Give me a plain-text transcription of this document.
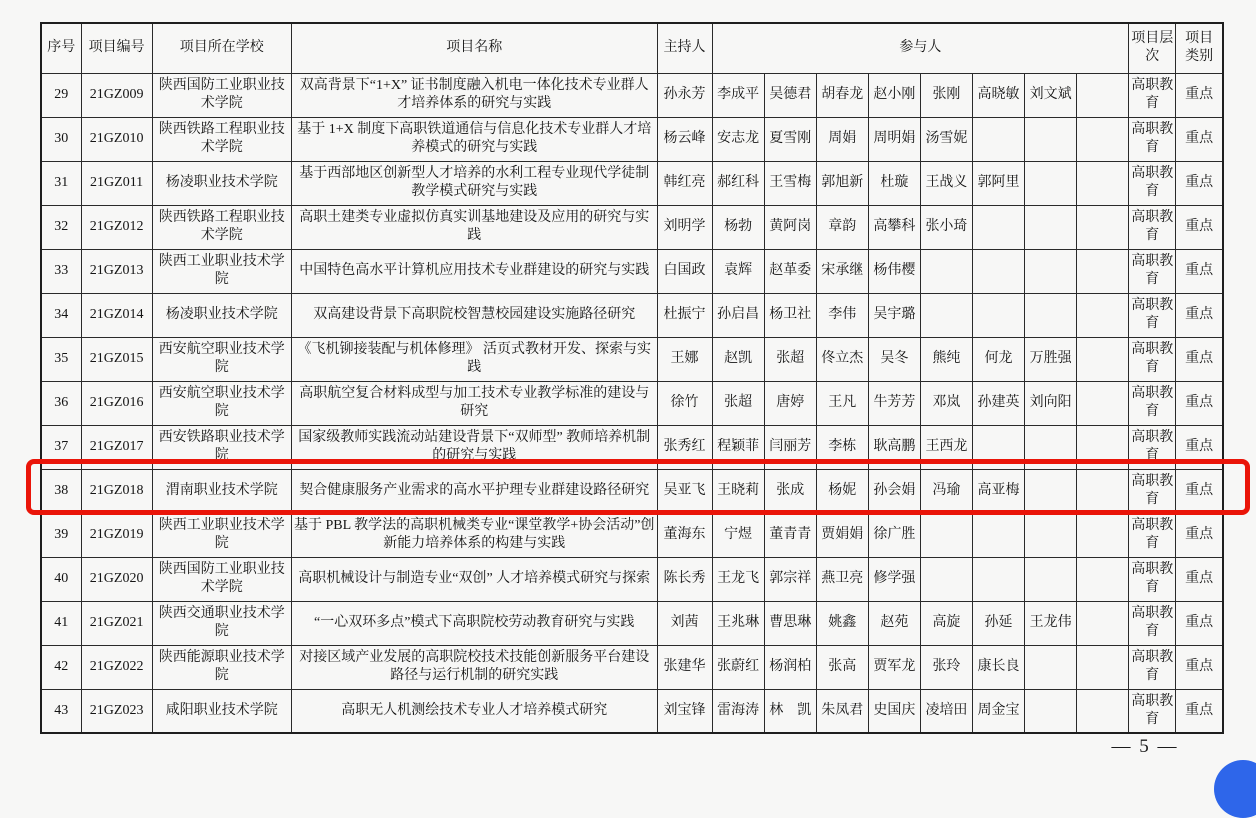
序号	项目编号	项目所在学校	项目名称	主持人	参与人								项目层次	项目类别
29	21GZ009	陕西国防工业职业技术学院	双高背景下“1+X” 证书制度融入机电一体化技术专业群人才培养体系的研究与实践	孙永芳	李成平	吴德君	胡春龙	赵小刚	张刚	高晓敏	刘文斌		高职教育	重点
30	21GZ010	陕西铁路工程职业技术学院	基于 1+X 制度下高职铁道通信与信息化技术专业群人才培养模式的研究与实践	杨云峰	安志龙	夏雪刚	周娟	周明娟	汤雪妮				高职教育	重点
31	21GZ011	杨凌职业技术学院	基于西部地区创新型人才培养的水利工程专业现代学徒制教学模式研究与实践	韩红亮	郝红科	王雪梅	郭旭新	杜璇	王战义	郭阿里			高职教育	重点
32	21GZ012	陕西铁路工程职业技术学院	高职土建类专业虚拟仿真实训基地建设及应用的研究与实践	刘明学	杨勃	黄阿岗	章韵	高攀科	张小琦				高职教育	重点
33	21GZ013	陕西工业职业技术学院	中国特色高水平计算机应用技术专业群建设的研究与实践	白国政	袁辉	赵革委	宋承继	杨伟樱					高职教育	重点
34	21GZ014	杨凌职业技术学院	双高建设背景下高职院校智慧校园建设实施路径研究	杜振宁	孙启昌	杨卫社	李伟	吴宇璐					高职教育	重点
35	21GZ015	西安航空职业技术学院	《飞机铆接装配与机体修理》 活页式教材开发、探索与实践	王娜	赵凯	张超	佟立杰	吴冬	熊纯	何龙	万胜强		高职教育	重点
36	21GZ016	西安航空职业技术学院	高职航空复合材料成型与加工技术专业教学标准的建设与研究	徐竹	张超	唐婷	王凡	牛芳芳	邓岚	孙建英	刘向阳		高职教育	重点
37	21GZ017	西安铁路职业技术学院	国家级教师实践流动站建设背景下“双师型” 教师培养机制的研究与实践	张秀红	程颖菲	闫丽芳	李栋	耿高鹏	王西龙				高职教育	重点
38	21GZ018	渭南职业技术学院	契合健康服务产业需求的高水平护理专业群建设路径研究	吴亚飞	王晓莉	张成	杨妮	孙会娟	冯瑜	高亚梅			高职教育	重点
39	21GZ019	陕西工业职业技术学院	基于 PBL 教学法的高职机械类专业“课堂教学+协会活动”创新能力培养体系的构建与实践	董海东	宁煜	董青青	贾娟娟	徐广胜					高职教育	重点
40	21GZ020	陕西国防工业职业技术学院	高职机械设计与制造专业“双创” 人才培养模式研究与探索	陈长秀	王龙飞	郭宗祥	燕卫亮	修学强					高职教育	重点
41	21GZ021	陕西交通职业技术学院	“一心双环多点”模式下高职院校劳动教育研究与实践	刘茜	王兆琳	曹思琳	姚鑫	赵苑	高旋	孙延	王龙伟		高职教育	重点
42	21GZ022	陕西能源职业技术学院	对接区域产业发展的高职院校技术技能创新服务平台建设路径与运行机制的研究实践	张建华	张蔚红	杨润柏	张高	贾军龙	张玲	康长良			高职教育	重点
43	21GZ023	咸阳职业技术学院	高职无人机测绘技术专业人才培养模式研究	刘宝锋	雷海涛	林　凯	朱凤君	史国庆	凌培田	周金宝			高职教育	重点
— 5 —
